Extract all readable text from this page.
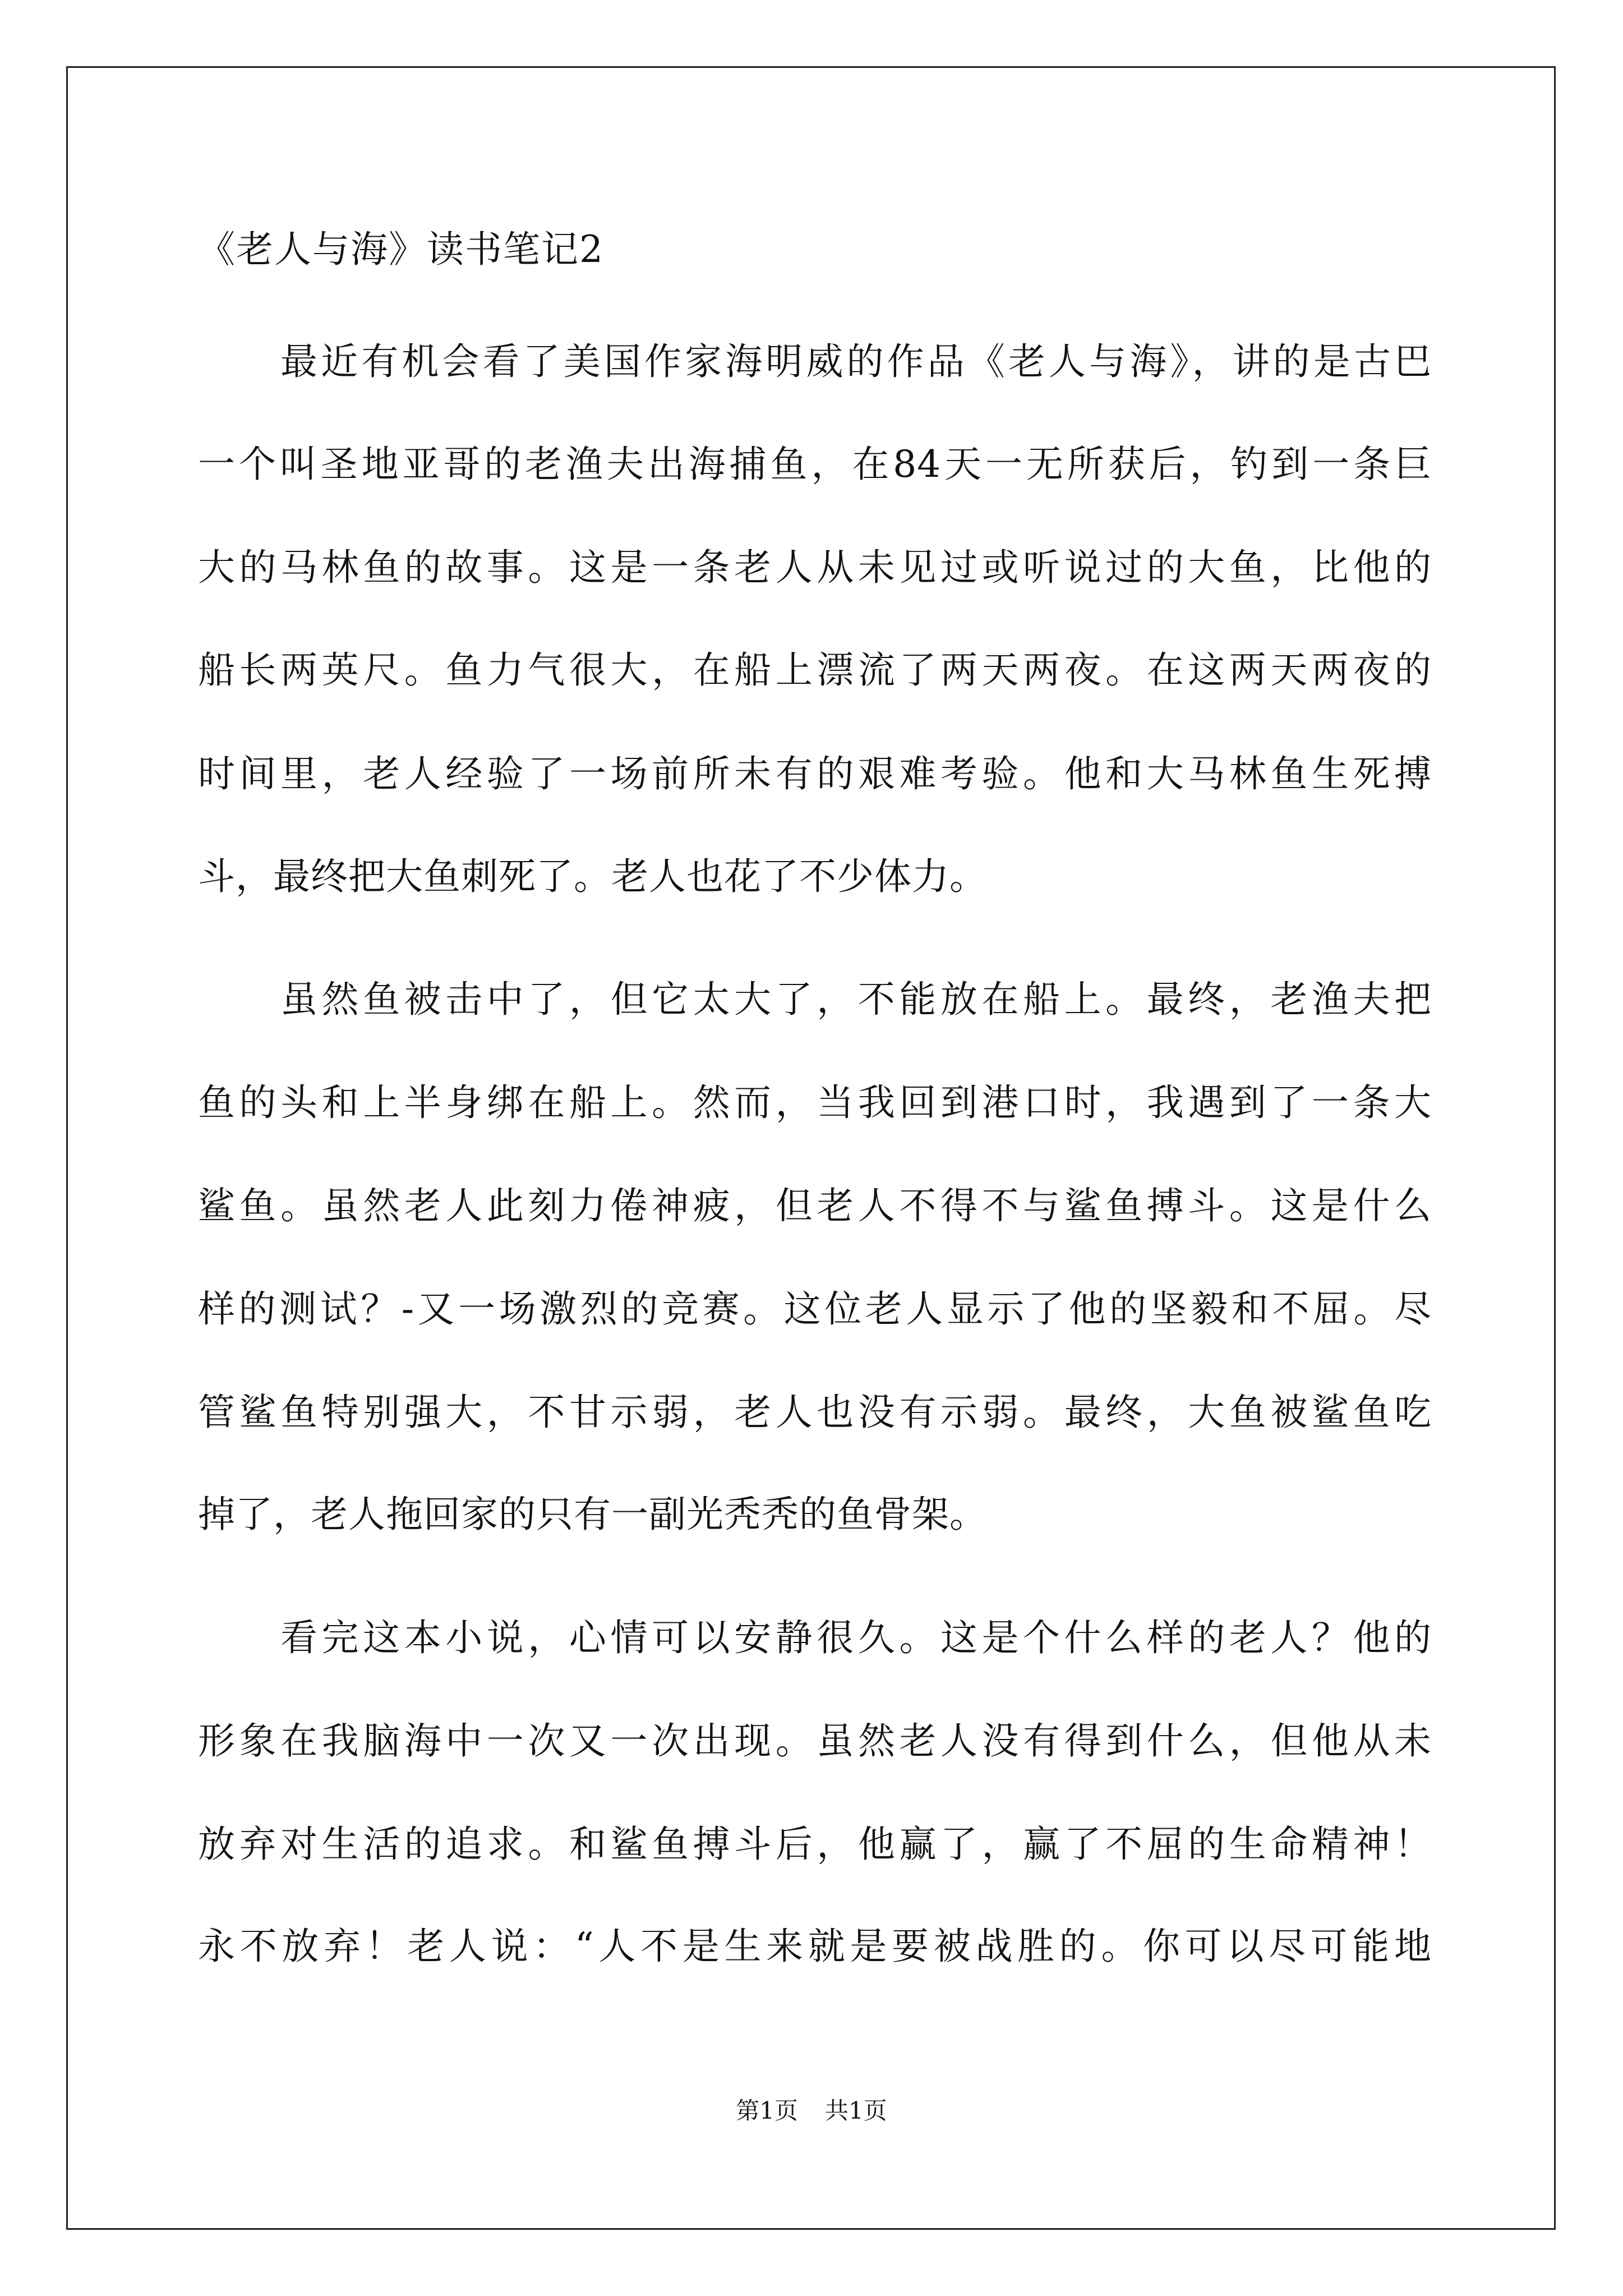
《老人与海》读书笔记2
最近有机会看了美国作家海明威的作品《老人与海》，讲的是古巴
一个叫圣地亚哥的老渔夫出海捕鱼，在84天一无所获后，钓到一条巨
大的马林鱼的故事。这是一条老人从未见过或听说过的大鱼，比他的
船长两英尺。鱼力气很大，在船上漂流了两天两夜。在这两天两夜的
时间里，老人经验了一场前所未有的艰难考验。他和大马林鱼生死搏
斗，最终把大鱼刺死了。老人也花了不少体力。
虽然鱼被击中了，但它太大了，不能放在船上。最终，老渔夫把
鱼的头和上半身绑在船上。然而，当我回到港口时，我遇到了一条大
鲨鱼。虽然老人此刻力倦神疲，但老人不得不与鲨鱼搏斗。这是什么
样的测试？-又一场激烈的竞赛。这位老人显示了他的坚毅和不屈。尽
管鲨鱼特别强大，不甘示弱，老人也没有示弱。最终，大鱼被鲨鱼吃
掉了，老人拖回家的只有一副光秃秃的鱼骨架。
看完这本小说，心情可以安静很久。这是个什么样的老人？他的
形象在我脑海中一次又一次出现。虽然老人没有得到什么，但他从未
放弃对生活的追求。和鲨鱼搏斗后，他赢了，赢了不屈的生命精神！
永不放弃！老人说：“人不是生来就是要被战胜的。你可以尽可能地
第1页 共1页
